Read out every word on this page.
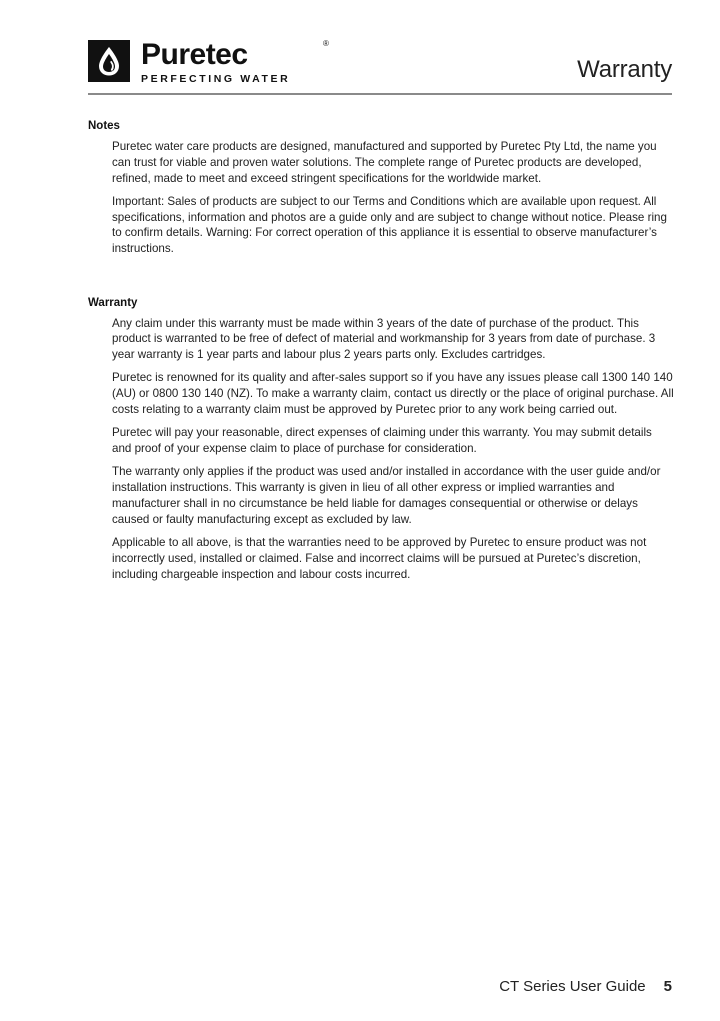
Puretec	®
PERFECTING WATER	Warranty
Notes

Puretec water care products are designed, manufactured and supported by Puretec Pty Ltd, the name you can trust for viable and proven water solutions. The complete range of Puretec products are developed, refined, made to meet and exceed stringent specifications for the worldwide market.

Important: Sales of products are subject to our Terms and Conditions which are available upon request. All specifications, information and photos are a guide only and are subject to change without notice. Please ring to confirm details. Warning: For correct operation of this appliance it is essential to observe manufacturer’s instructions.

Warranty

Any claim under this warranty must be made within 3 years of the date of purchase of the product. This product is warranted to be free of defect of material and workmanship for 3 years from date of purchase. 3 year warranty is 1 year parts and labour plus 2 years parts only. Excludes cartridges.

Puretec is renowned for its quality and after-sales support so if you have any issues please call 1300 140 140 (AU) or 0800 130 140 (NZ). To make a warranty claim, contact us directly or the place of original purchase. All costs relating to a warranty claim must be approved by Puretec prior to any work being carried out.

Puretec will pay your reasonable, direct expenses of claiming under this warranty. You may submit details and proof of your expense claim to place of purchase for consideration.

The warranty only applies if the product was used and/or installed in accordance with the user guide and/or installation instructions. This warranty is given in lieu of all other express or implied warranties and manufacturer shall in no circumstance be held liable for damages consequential or otherwise or delays caused or faulty manufacturing except as excluded by law.

Applicable to all above, is that the warranties need to be approved by Puretec to ensure product was not incorrectly used, installed or claimed. False and incorrect claims will be pursued at Puretec’s discretion, including chargeable inspection and labour costs incurred.

CT Series User Guide 5
